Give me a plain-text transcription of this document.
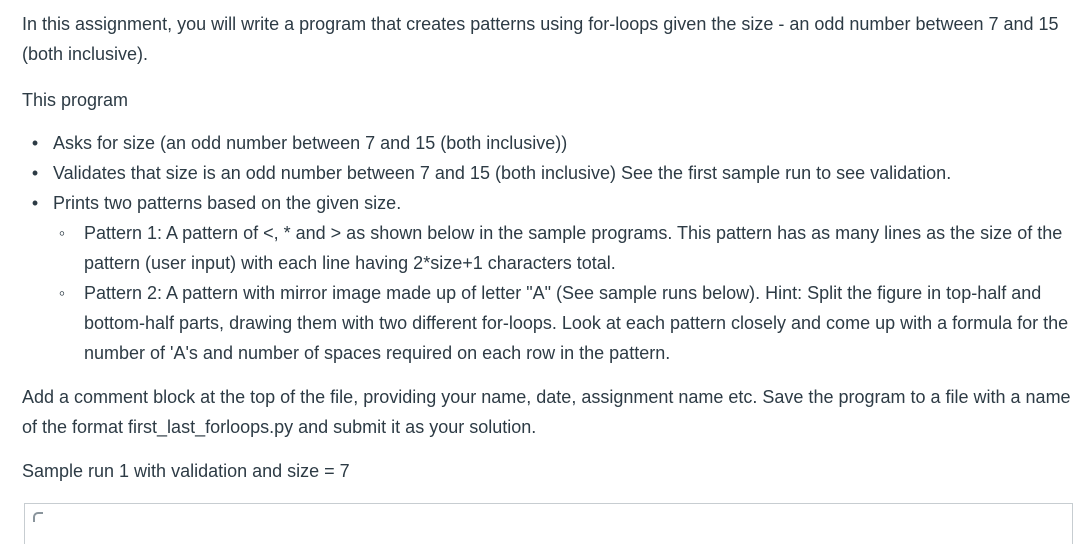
In this assignment, you will write a program that creates patterns using for-loops given the size - an odd number between 7 and 15 (both inclusive).

This program

• Asks for size (an odd number between 7 and 15 (both inclusive))
• Validates that size is an odd number between 7 and 15 (both inclusive) See the first sample run to see validation.
• Prints two patterns based on the given size.
◦ Pattern 1: A pattern of <, * and > as shown below in the sample programs. This pattern has as many lines as the size of the pattern (user input) with each line having 2*size+1 characters total.
◦ Pattern 2: A pattern with mirror image made up of letter "A" (See sample runs below). Hint: Split the figure in top-half and bottom-half parts, drawing them with two different for-loops. Look at each pattern closely and come up with a formula for the number of 'A's and number of spaces required on each row in the pattern.

Add a comment block at the top of the file, providing your name, date, assignment name etc. Save the program to a file with a name of the format first_last_forloops.py and submit it as your solution.

Sample run 1 with validation and size = 7
